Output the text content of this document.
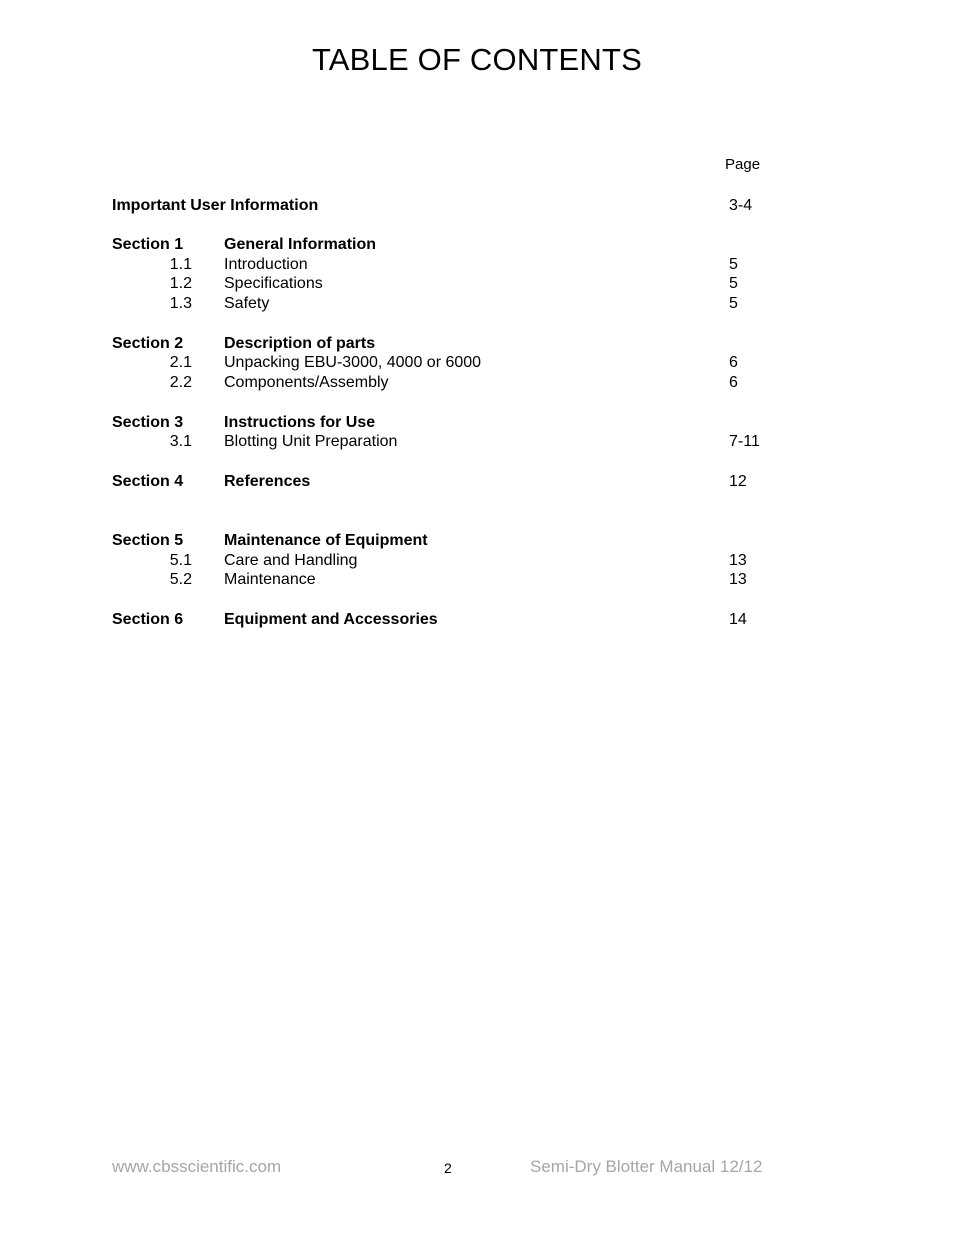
TABLE OF CONTENTS
Page
Important User Information	3-4
Section 1	General Information
1.1 Introduction	5
1.2 Specifications	5
1.3 Safety	5
Section 2	Description of parts
2.1 Unpacking EBU-3000, 4000 or 6000	6
2.2 Components/Assembly	6
Section 3	Instructions for Use
3.1 Blotting Unit Preparation	7-11
Section 4	References	12
Section 5	Maintenance of Equipment
5.1 Care and Handling	13
5.2 Maintenance	13
Section 6	Equipment and Accessories	14
www.cbsscientific.com	2	Semi-Dry Blotter Manual 12/12
